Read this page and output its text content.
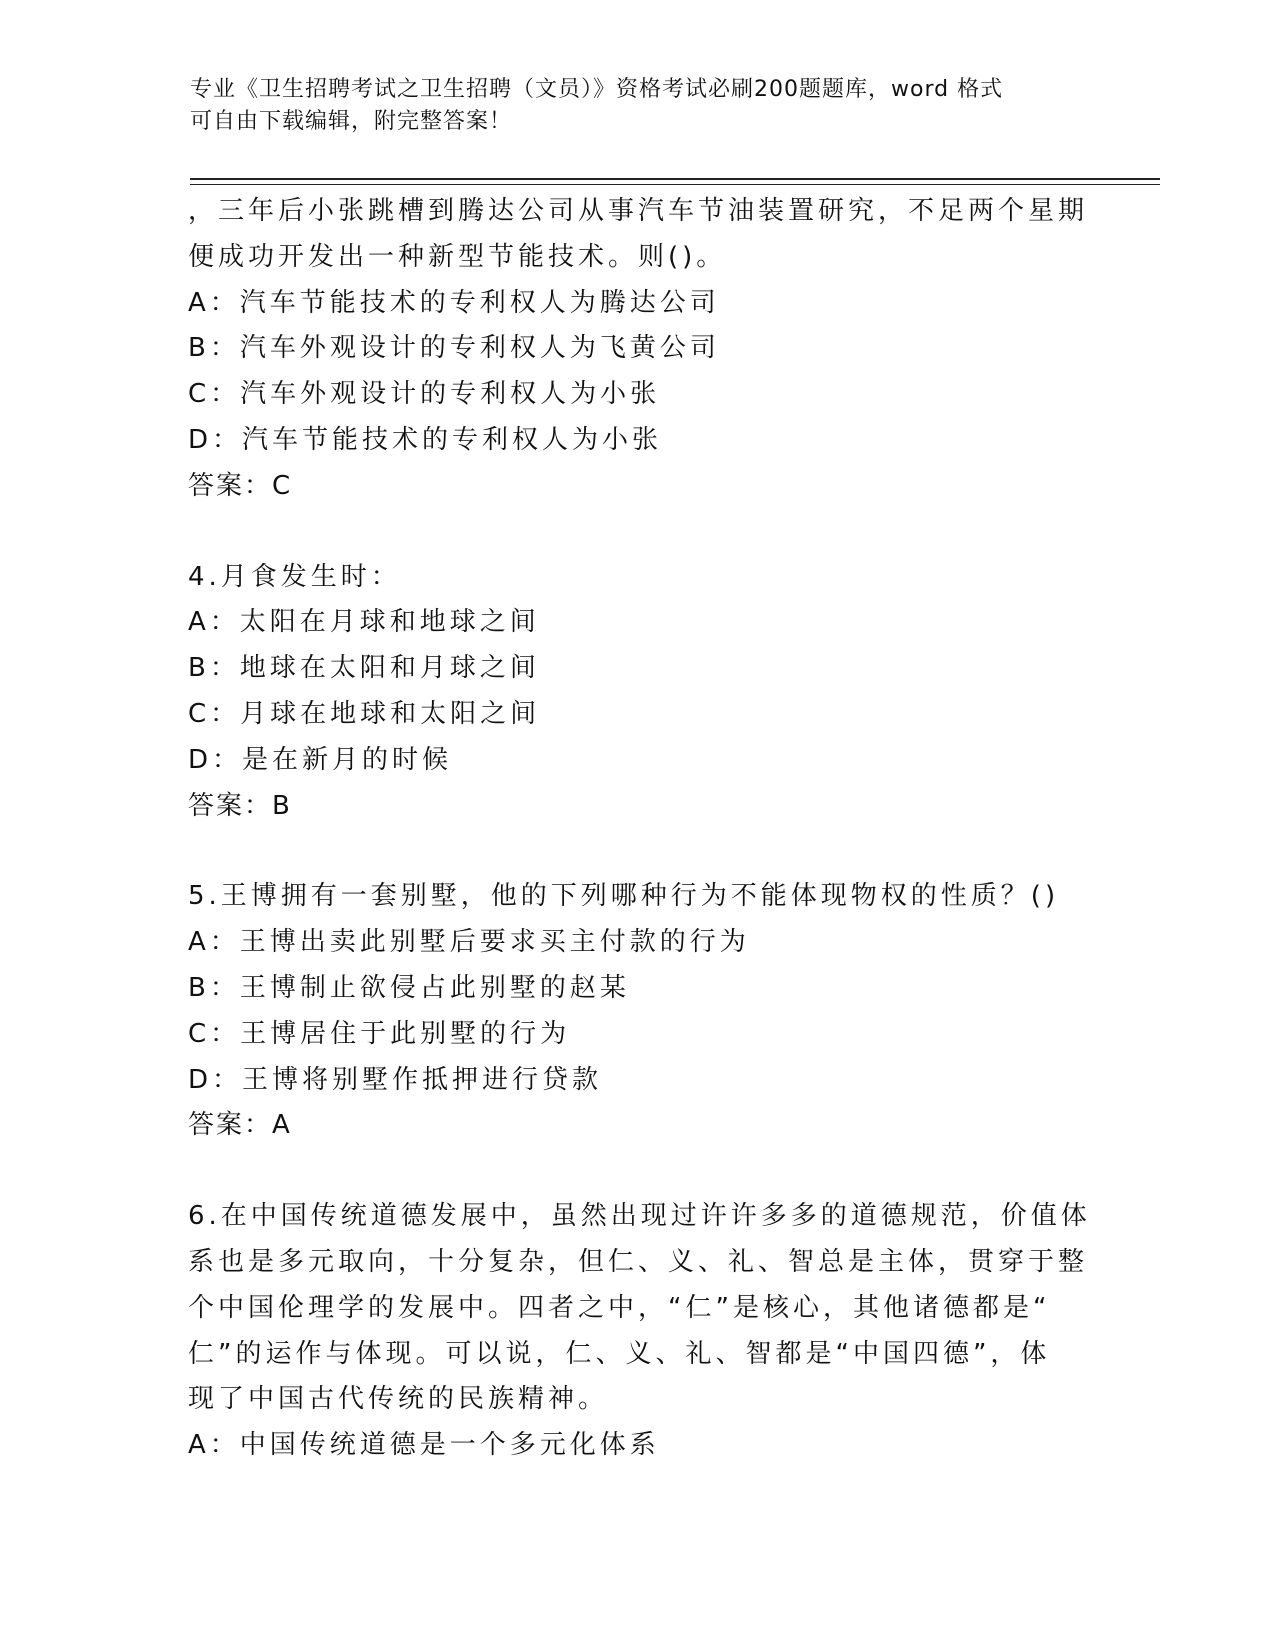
专业《卫生招聘考试之卫生招聘（文员）》资格考试必刷200题题库，word 格式
可自由下载编辑，附完整答案！
，三年后小张跳槽到腾达公司从事汽车节油装置研究，不足两个星期
便成功开发出一种新型节能技术。则()。
A：汽车节能技术的专利权人为腾达公司
B：汽车外观设计的专利权人为飞黄公司
C：汽车外观设计的专利权人为小张
D：汽车节能技术的专利权人为小张
答案：C
4.月食发生时：
A：太阳在月球和地球之间
B：地球在太阳和月球之间
C：月球在地球和太阳之间
D：是在新月的时候
答案：B
5.王博拥有一套别墅，他的下列哪种行为不能体现物权的性质？()
A：王博出卖此别墅后要求买主付款的行为
B：王博制止欲侵占此别墅的赵某
C：王博居住于此别墅的行为
D：王博将别墅作抵押进行贷款
答案：A
6.在中国传统道德发展中，虽然出现过许许多多的道德规范，价值体
系也是多元取向，十分复杂，但仁、义、礼、智总是主体，贯穿于整
个中国伦理学的发展中。四者之中，“仁”是核心，其他诸德都是“
仁”的运作与体现。可以说，仁、义、礼、智都是“中国四德”，体
现了中国古代传统的民族精神。
A：中国传统道德是一个多元化体系
